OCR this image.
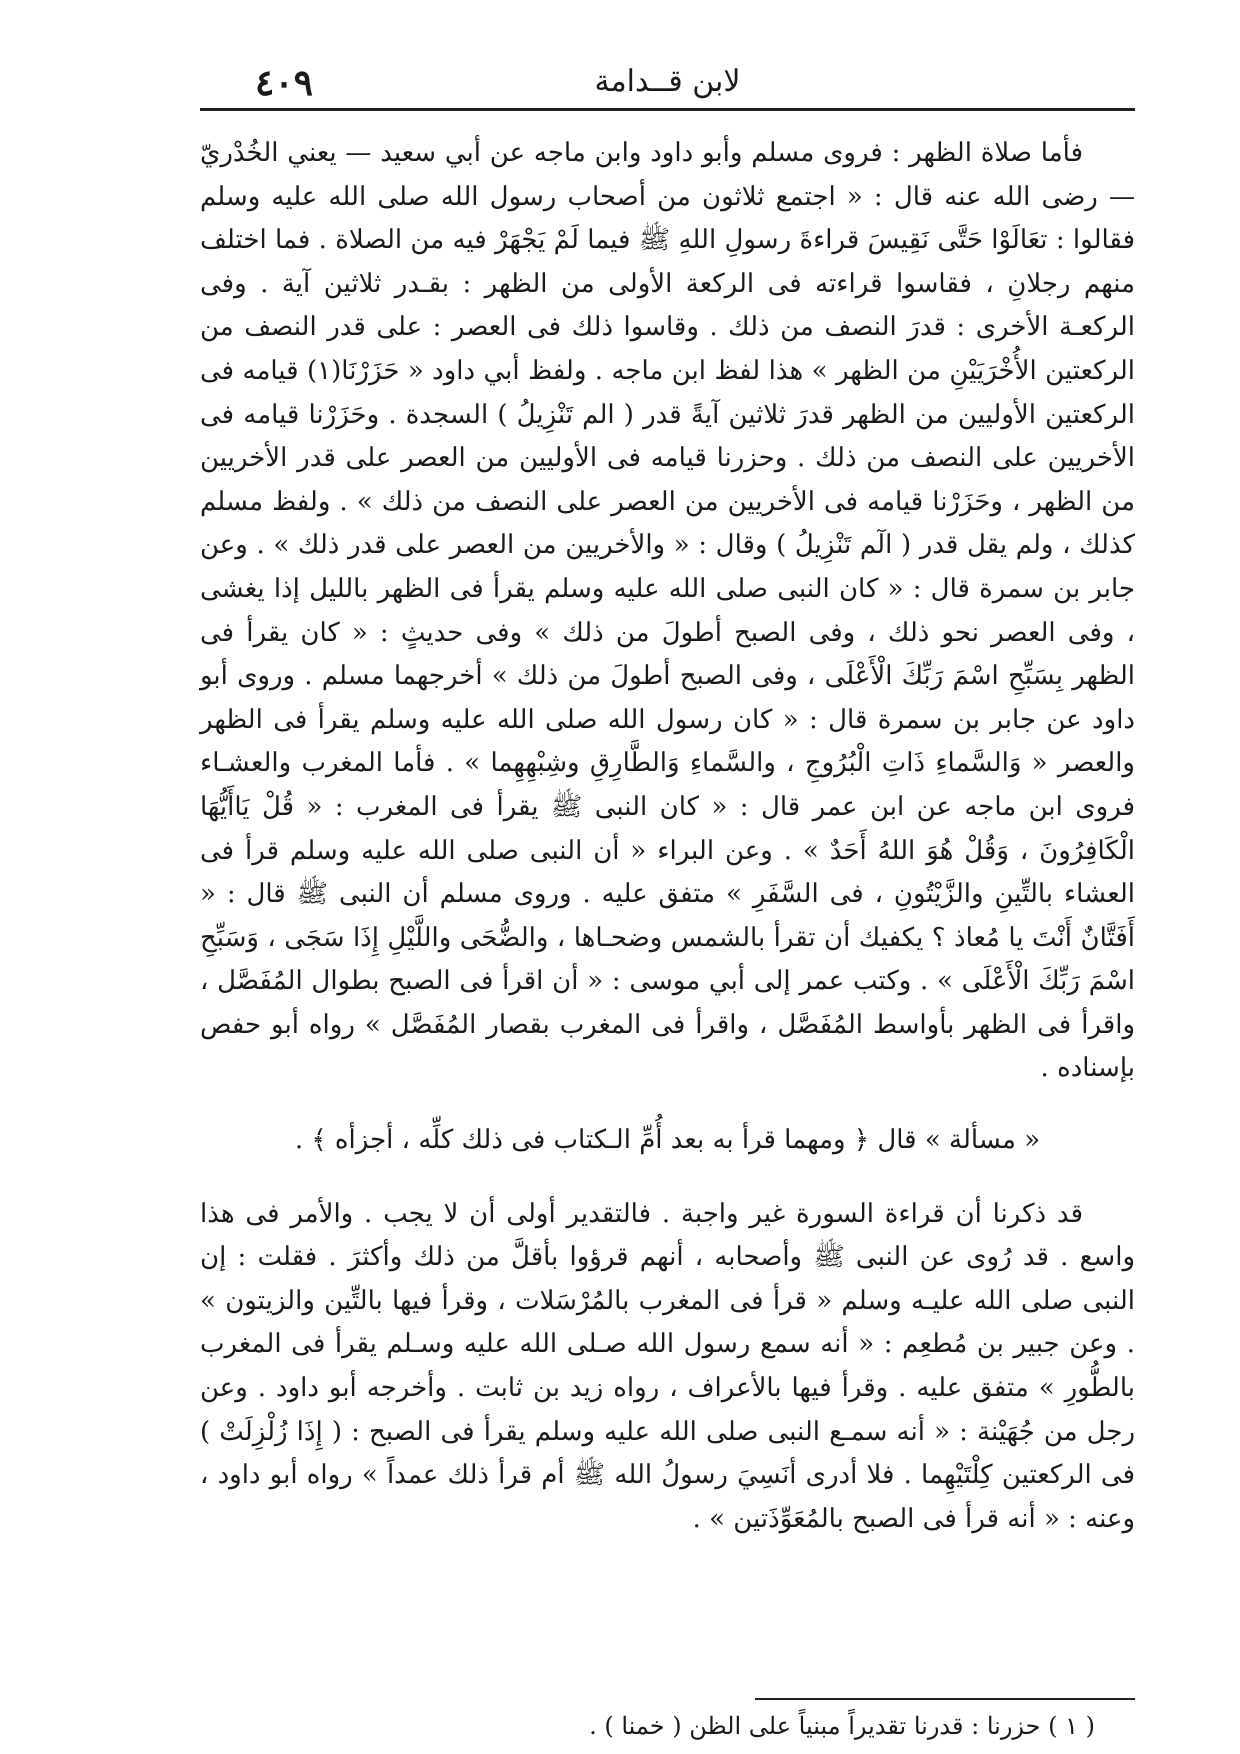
٤٠٩	لابن قــدامة

فأما صلاة الظهر : فروى مسلم وأبو داود وابن ماجه عن أبي سعيد — يعني الخُدْريّ — رضى الله عنه قال : « اجتمع ثلاثون من أصحاب رسول الله صلى الله عليه وسلم فقالوا : تعَالَوْا حَتَّى نَقِيسَ قراءةَ رسولِ اللهِ ﷺ فيما لَمْ يَجْهَرْ فيه من الصلاة . فما اختلف منهم رجلانِ ، فقاسوا قراءته فى الركعة الأولى من الظهر : بقـدر ثلاثين آية . وفى الركعـة الأخرى : قدرَ النصف من ذلك . وقاسوا ذلك فى العصر : على قدر النصف من الركعتين الأُخْرَيَيْنِ من الظهر » هذا لفظ ابن ماجه . ولفظ أبي داود « حَزَرْنَا(١) قيامه فى الركعتين الأوليين من الظهر قدرَ ثلاثين آيةً قدر ( الم تَنْزِيلُ ) السجدة . وحَزَرْنا قيامه فى الأخريين على النصف من ذلك . وحزرنا قيامه فى الأوليين من العصر على قدر الأخريين من الظهر ، وحَزَرْنا قيامه فى الأخريين من العصر على النصف من ذلك » . ولفظ مسلم كذلك ، ولم يقل قدر ( الٓم تَنْزِيلُ ) وقال : « والأخريين من العصر على قدر ذلك » . وعن جابر بن سمرة قال : « كان النبى صلى الله عليه وسلم يقرأ فى الظهر بالليل إذا يغشى ، وفى العصر نحو ذلك ، وفى الصبح أطولَ من ذلك » وفى حديثٍ : « كان يقرأ فى الظهر بِسَبِّحِ اسْمَ رَبِّكَ الْأَعْلَى ، وفى الصبح أطولَ من ذلك » أخرجهما مسلم . وروى أبو داود عن جابر بن سمرة قال : « كان رسول الله صلى الله عليه وسلم يقرأ فى الظهر والعصر « وَالسَّماءِ ذَاتِ الْبُرُوجِ ، والسَّماءِ وَالطَّارِقِ وشِبْهِهِما » . فأما المغرب والعشـاء فروى ابن ماجه عن ابن عمر قال : « كان النبى ﷺ يقرأ فى المغرب : « قُلْ يَاأَيُّهَا الْكَافِرُونَ ، وَقُلْ هُوَ اللهُ أَحَدٌ » . وعن البراء « أن النبى صلى الله عليه وسلم قرأ فى العشاء بالتِّينِ والزَّيْتُونِ ، فى السَّفَرِ » متفق عليه . وروى مسلم أن النبى ﷺ قال : « أَفَتَّانٌ أَنْتَ يا مُعاذ ؟ يكفيك أن تقرأ بالشمس وضحـاها ، والضُّحَى واللَّيْلِ إِذَا سَجَى ، وَسَبِّحِ اسْمَ رَبِّكَ الْأَعْلَى » . وكتب عمر إلى أبي موسى : « أن اقرأ فى الصبح بطوال المُفَصَّل ، واقرأ فى الظهر بأواسط المُفَصَّل ، واقرأ فى المغرب بقصار المُفَصَّل » رواه أبو حفص بإسناده .

« مسألة » قال ﴿ ومهما قرأ به بعد أُمِّ الـكتاب فى ذلك كلِّه ، أجزأه ﴾ .

قد ذكرنا أن قراءة السورة غير واجبة . فالتقدير أولى أن لا يجب . والأمر فى هذا واسع . قد رُوى عن النبى ﷺ وأصحابه ، أنهم قرؤوا بأقلَّ من ذلك وأكثرَ . فقلت : إن النبى صلى الله عليـه وسلم « قرأ فى المغرب بالمُرْسَلات ، وقرأ فيها بالتِّين والزيتون » . وعن جبير بن مُطعِم : « أنه سمع رسول الله صـلى الله عليه وسـلم يقرأ فى المغرب بالطُّورِ » متفق عليه . وقرأ فيها بالأعراف ، رواه زيد بن ثابت . وأخرجه أبو داود . وعن رجل من جُهَيْنة : « أنه سمـع النبى صلى الله عليه وسلم يقرأ فى الصبح : ( إِذَا زُلْزِلَتْ ) فى الركعتين كِلْتَيْهِما . فلا أدرى أنَسِيَ رسولُ الله ﷺ أم قرأ ذلك عمداً » رواه أبو داود ، وعنه : « أنه قرأ فى الصبح بالمُعَوِّذَتين » .

( ١ ) حزرنا : قدرنا تقديراً مبنياً على الظن ( خمنا ) .
